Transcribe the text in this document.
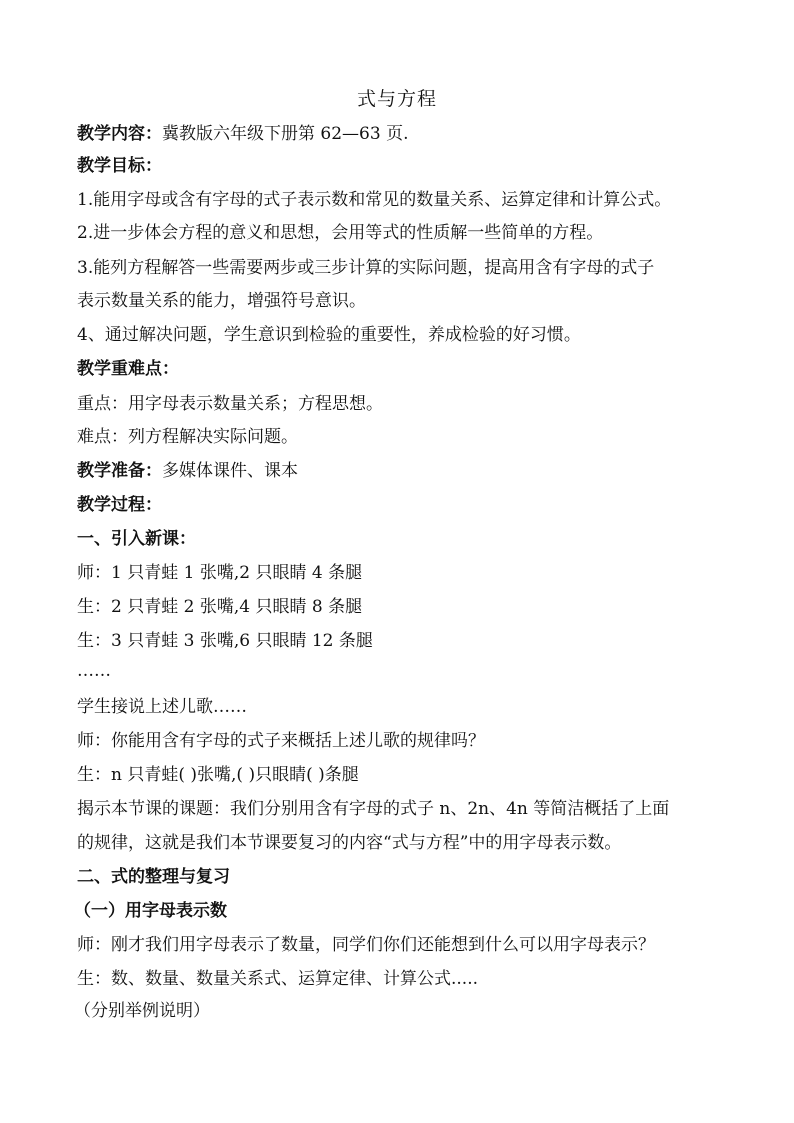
式与方程
教学内容：冀教版六年级下册第 62—63 页.
教学目标：
1.能用字母或含有字母的式子表示数和常见的数量关系、运算定律和计算公式。
2.进一步体会方程的意义和思想，会用等式的性质解一些简单的方程。
3.能列方程解答一些需要两步或三步计算的实际问题，提高用含有字母的式子
表示数量关系的能力，增强符号意识。
4、通过解决问题，学生意识到检验的重要性，养成检验的好习惯。
教学重难点：
重点：用字母表示数量关系；方程思想。
难点：列方程解决实际问题。
教学准备：多媒体课件、课本
教学过程：
一、引入新课：
师：1 只青蛙 1 张嘴,2 只眼睛 4 条腿
生：2 只青蛙 2 张嘴,4 只眼睛 8 条腿
生：3 只青蛙 3 张嘴,6 只眼睛 12 条腿
……
学生接说上述儿歌……
师：你能用含有字母的式子来概括上述儿歌的规律吗？
生：n 只青蛙( )张嘴,( )只眼睛( )条腿
揭示本节课的课题：我们分别用含有字母的式子 n、2n、4n 等简洁概括了上面
的规律，这就是我们本节课要复习的内容“式与方程”中的用字母表示数。
二、式的整理与复习
（一）用字母表示数
师：刚才我们用字母表示了数量，同学们你们还能想到什么可以用字母表示？
生：数、数量、数量关系式、运算定律、计算公式.....
（分别举例说明）
